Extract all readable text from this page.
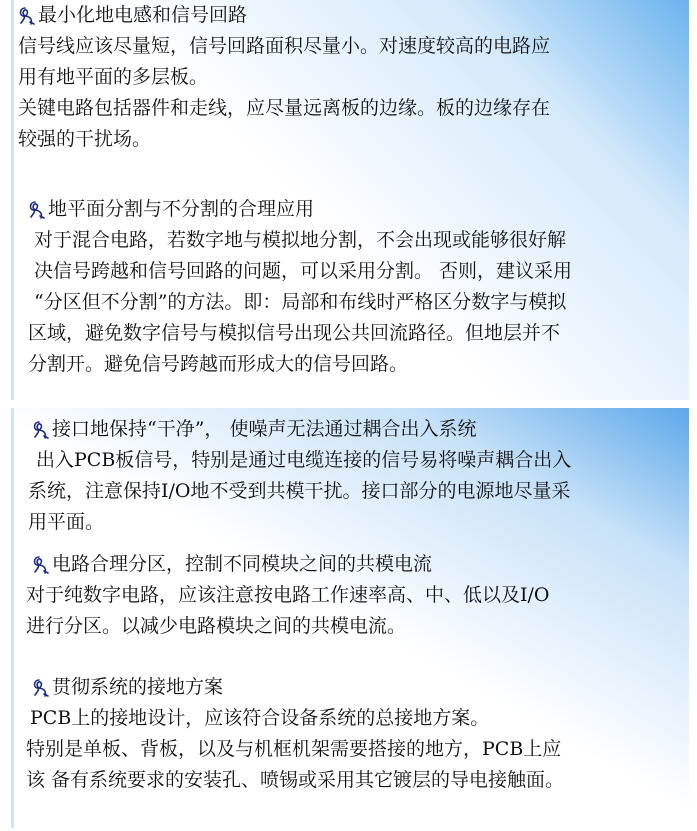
最小化地电感和信号回路
信号线应该尽量短，信号回路面积尽量小。对速度较高的电路应
用有地平面的多层板。
关键电路包括器件和走线，应尽量远离板的边缘。板的边缘存在
较强的干扰场。
地平面分割与不分割的合理应用
对于混合电路，若数字地与模拟地分割，不会出现或能够很好解
决信号跨越和信号回路的问题，可以采用分割。 否则，建议采用
“分区但不分割”的方法。即：局部和布线时严格区分数字与模拟
区域，避免数字信号与模拟信号出现公共回流路径。但地层并不
分割开。避免信号跨越而形成大的信号回路。
接口地保持“干净”， 使噪声无法通过耦合出入系统
出入PCB板信号，特别是通过电缆连接的信号易将噪声耦合出入
系统，注意保持I/O地不受到共模干扰。接口部分的电源地尽量采
用平面。
电路合理分区，控制不同模块之间的共模电流
对于纯数字电路，应该注意按电路工作速率高、中、低以及I/O
进行分区。以减少电路模块之间的共模电流。
贯彻系统的接地方案
PCB上的接地设计，应该符合设备系统的总接地方案。
特别是单板、背板，以及与机框机架需要搭接的地方，PCB上应
该 备有系统要求的安装孔、喷锡或采用其它镀层的导电接触面。
